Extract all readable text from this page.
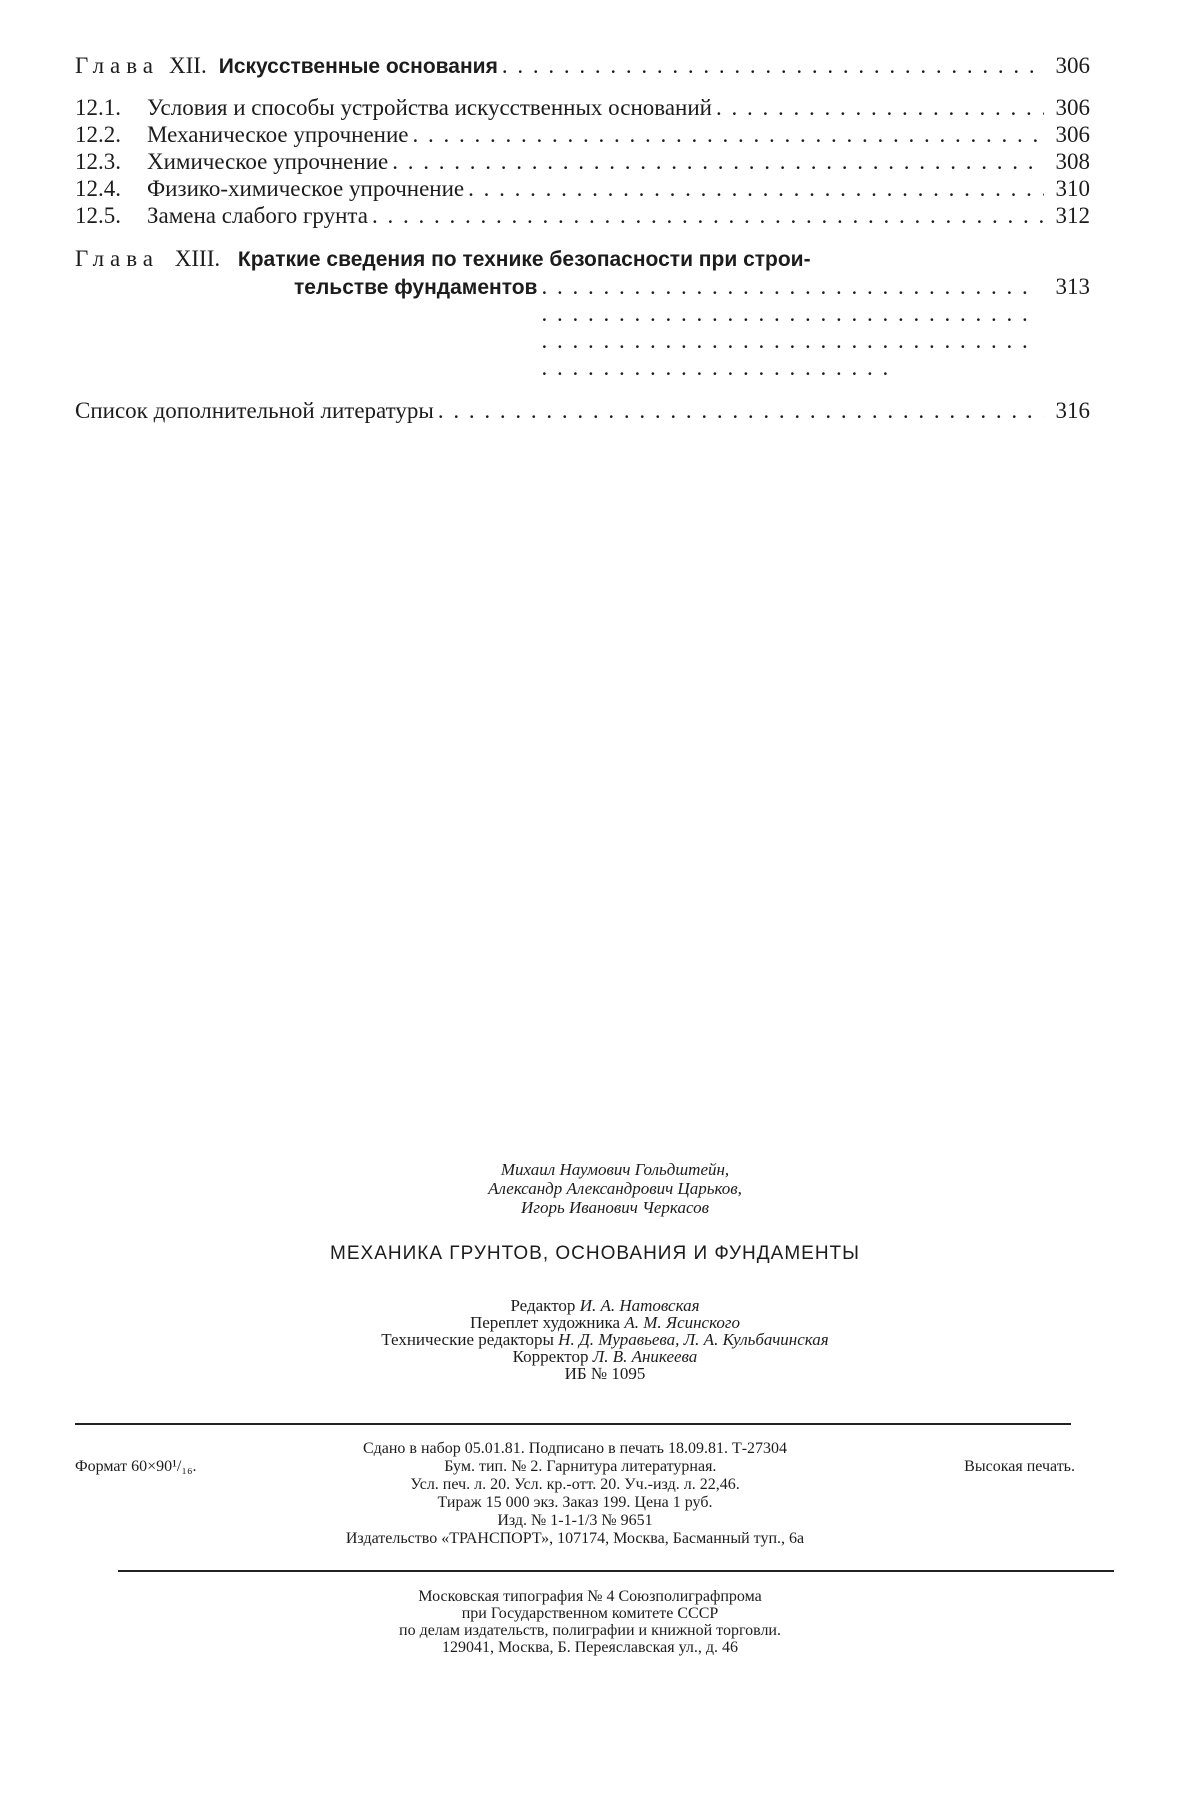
Глава XII. Искусственные основания . . .	306
12.1.	Условия и способы устройства искусственных оснований . . .	306
12.2.	Механическое упрочнение . . .	306
12.3.	Химическое упрочнение . . .	308
12.4.	Физико-химическое упрочнение . . .	310
12.5.	Замена слабого грунта . . .	312
Глава XIII. Краткие сведения по технике безопасности при строи-
тельстве фундаментов . . .	313
Список дополнительной литературы . . .	316
Михаил Наумович Гольдштейн,
Александр Александрович Царьков,
Игорь Иванович Черкасов
МЕХАНИКА ГРУНТОВ, ОСНОВАНИЯ И ФУНДАМЕНТЫ
Редактор И. А. Натовская
Переплет художника А. М. Ясинского
Технические редакторы Н. Д. Муравьева, Л. А. Кульбачинская
Корректор Л. В. Аникеева
ИБ № 1095
Сдано в набор 05.01.81. Подписано в печать 18.09.81. Т-27304
Формат 60×90¹/₁₆.	Бум. тип. № 2. Гарнитура литературная.	Высокая печать.
Усл. печ. л. 20. Усл. кр.-отт. 20. Уч.-изд. л. 22,46.
Тираж 15 000 экз. Заказ 199. Цена 1 руб.
Изд. № 1-1-1/3 № 9651
Издательство «ТРАНСПОРТ», 107174, Москва, Басманный туп., 6а
Московская типография № 4 Союзполиграфпрома
при Государственном комитете СССР
по делам издательств, полиграфии и книжной торговли.
129041, Москва, Б. Переяславская ул., д. 46
